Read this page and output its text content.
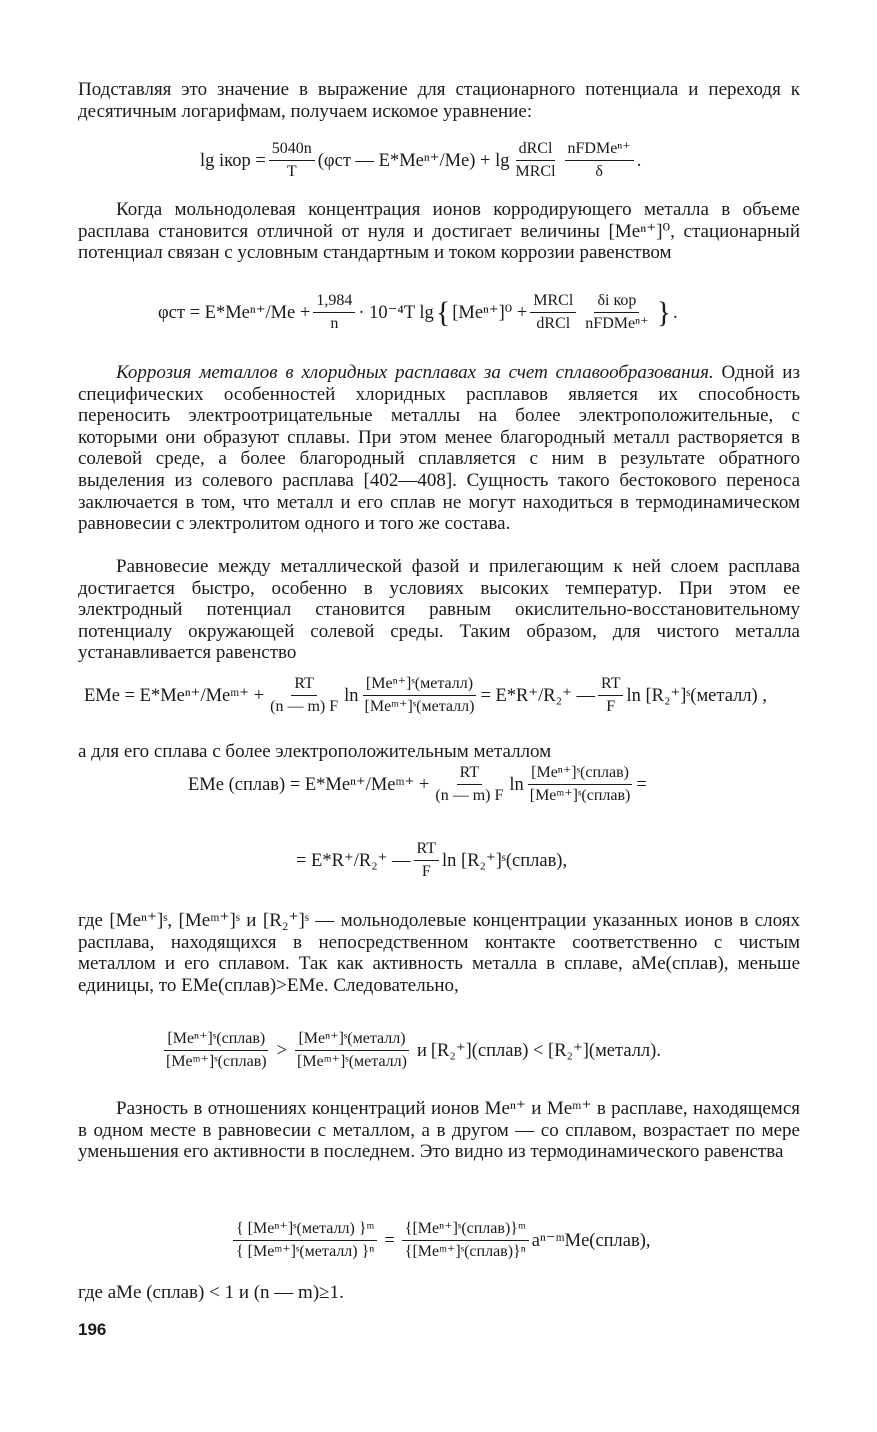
Подставляя это значение в выражение для стационарного потенциала и переходя к десятичным логарифмам, получаем искомое уравнение:

lg iкор = $\frac{5040n}{T} (\varphi ст$ — $E*Me^{n+}/Me) + \lg \frac{\text{dRCl}}{\text{MRCl}} \frac{\text{nFDMeⁿ⁺}}{\delta}$ .

Когда мольнодолевая концентрация ионов корродирующего металла в объеме расплава становится отличной от нуля и достигает величины [Meⁿ⁺]⁰, стационарный потенциал связан с условным стандартным и током коррозии равенством

$\varphi ст = E*Me^{n+}/Me + \frac{1,984}{n} \cdot 10^{-4}T$ lg { $[Me^{n+}]^0 + \frac{\text{MRCl}}{\text{dRCl}} \frac{\text{δi кор}}{\text{nFDMeⁿ⁺}}$ } .

Коррозия металлов в хлоридных расплавах за счет сплавообразования. Одной из специфических особенностей хлоридных расплавов является их способность переносить электроотрицательные металлы на более электроположительные, с которыми они образуют сплавы. При этом менее благородный металл растворяется в солевой среде, а более благородный сплавляется с ним в результате обратного выделения из солевого расплава [402—408]. Сущность такого бестокового переноса заключается в том, что металл и его сплав не могут находиться в термодинамическом равновесии с электролитом одного и того же состава.

Равновесие между металлической фазой и прилегающим к ней слоем расплава достигается быстро, особенно в условиях высоких температур. При этом ее электродный потенциал становится равным окислительно-восстановительному потенциалу окружающей солевой среды. Таким образом, для чистого металла устанавливается равенство

EMe = E*Meⁿ⁺/Meᵐ⁺ + $\frac{RT}{(n — m) F}$ $\ln \frac{\text{[Meⁿ⁺]ˢ(металл)}}{\text{[Meᵐ⁺]ˢ(металл)}} = E*R^+/R_2^+$ — $\frac{RT}{F}$ ln [R₂⁺]ˢ(металл) ,

а для его сплава с более электроположительным металлом

EMe (сплав) = E*Meⁿ⁺/Meᵐ⁺ + $\frac{RT}{(n — m) F}$ $\ln \frac{\text{[Meⁿ⁺]ˢ(сплав)}}{\text{[Meᵐ⁺]ˢ(сплав)}}$ =
= E*R⁺/R₂⁺ — $\frac{RT}{F}$ ln [R₂⁺]ˢ(сплав),

где [Meⁿ⁺]ˢ, [Meᵐ⁺]ˢ и [R₂⁺]ˢ — мольнодолевые концентрации указанных ионов в слоях расплава, находящихся в непосредственном контакте соответственно с чистым металлом и его сплавом. Так как активность металла в сплаве, aMe(сплав), меньше единицы, то EMe(сплав)>EMe. Следовательно,

$\frac{\text{[Meⁿ⁺]ˢ(сплав)}}{\text{[Meᵐ⁺]ˢ(сплав)}} > \frac{\text{[Meⁿ⁺]ˢ(металл)}}{\text{[Meᵐ⁺]ˢ(металл)}}$ и [R₂⁺](сплав) < [R₂⁺](металл).

Разность в отношениях концентраций ионов Meⁿ⁺ и Meᵐ⁺ в расплаве, находящемся в одном месте в равновесии с металлом, а в другом — со сплавом, возрастает по мере уменьшения его активности в последнем. Это видно из термодинамического равенства

$\frac{\text{\{ [Meⁿ⁺]ˢ(металл) \}ᵐ}}{\text{\{ [Meᵐ⁺]ˢ(металл) \}ⁿ}} = \frac{\text{\{[Meⁿ⁺]ˢ(сплав)\}ᵐ}}{\text{\{[Meᵐ⁺]ˢ(сплав)\}ⁿ}}$ aⁿ⁻ᵐMe(сплав),

где aMe (сплав) < 1 и (n — m)≥1.

196
